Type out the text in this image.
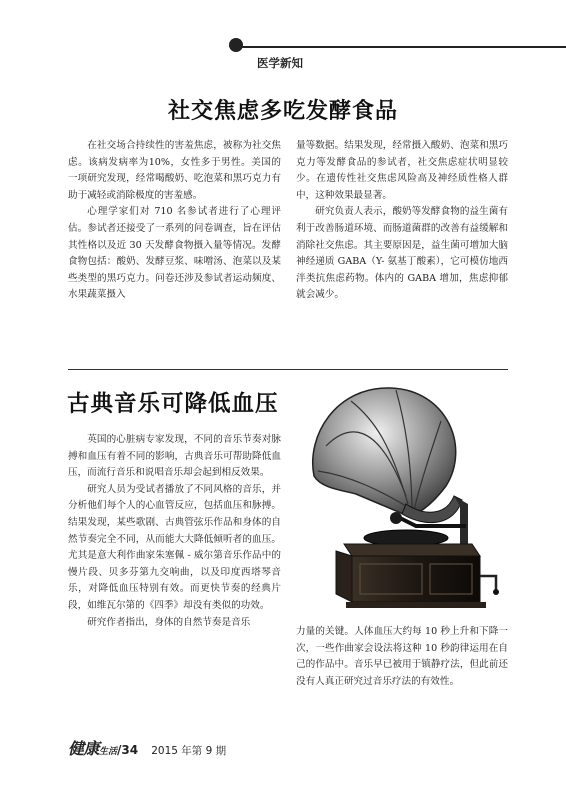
医学新知
社交焦虑多吃发酵食品

在社交场合持续性的害羞焦虑，被称为社交焦虑。该病发病率为10%，女性多于男性。美国的一项研究发现，经常喝酸奶、吃泡菜和黑巧克力有助于减轻或消除极度的害羞感。

心理学家们对 710 名参试者进行了心理评估。参试者还接受了一系列的问卷调查，旨在评估其性格以及近 30 天发酵食物摄入量等情况。发酵食物包括：酸奶、发酵豆浆、味噌汤、泡菜以及某些类型的黑巧克力。问卷还涉及参试者运动频度、水果蔬菜摄入

量等数据。结果发现，经常摄入酸奶、泡菜和黑巧克力等发酵食品的参试者，社交焦虑症状明显较少。在遗传性社交焦虑风险高及神经质性格人群中，这种效果最显著。

研究负责人表示，酸奶等发酵食物的益生菌有利于改善肠道环境、而肠道菌群的改善有益缓解和消除社交焦虑。其主要原因是，益生菌可增加大脑神经递质 GABA（Y- 氨基丁酸素），它可模仿地西泮类抗焦虑药物。体内的 GABA 增加，焦虑抑郁就会减少。

古典音乐可降低血压

英国的心脏病专家发现，不同的音乐节奏对脉搏和血压有着不同的影响，古典音乐可帮助降低血压，而流行音乐和说唱音乐却会起到相反效果。

研究人员为受试者播放了不同风格的音乐，并分析他们每个人的心血管反应，包括血压和脉搏。结果发现，某些歌剧、古典管弦乐作品和身体的自然节奏完全不同，从而能大大降低倾听者的血压。尤其是意大利作曲家朱塞佩 - 威尔第音乐作品中的慢片段、贝多芬第九交响曲，以及印度西塔琴音乐，对降低血压特别有效。而更快节奏的经典片段，如维瓦尔第的《四季》却没有类似的功效。

研究作者指出，身体的自然节奏是音乐

力量的关键。人体血压大约每 10 秒上升和下降一次，一些作曲家会设法将这种 10 秒韵律运用在自己的作品中。音乐早已被用于镇静疗法，但此前还没有人真正研究过音乐疗法的有效性。

健康生活/34 2015 年第 9 期
